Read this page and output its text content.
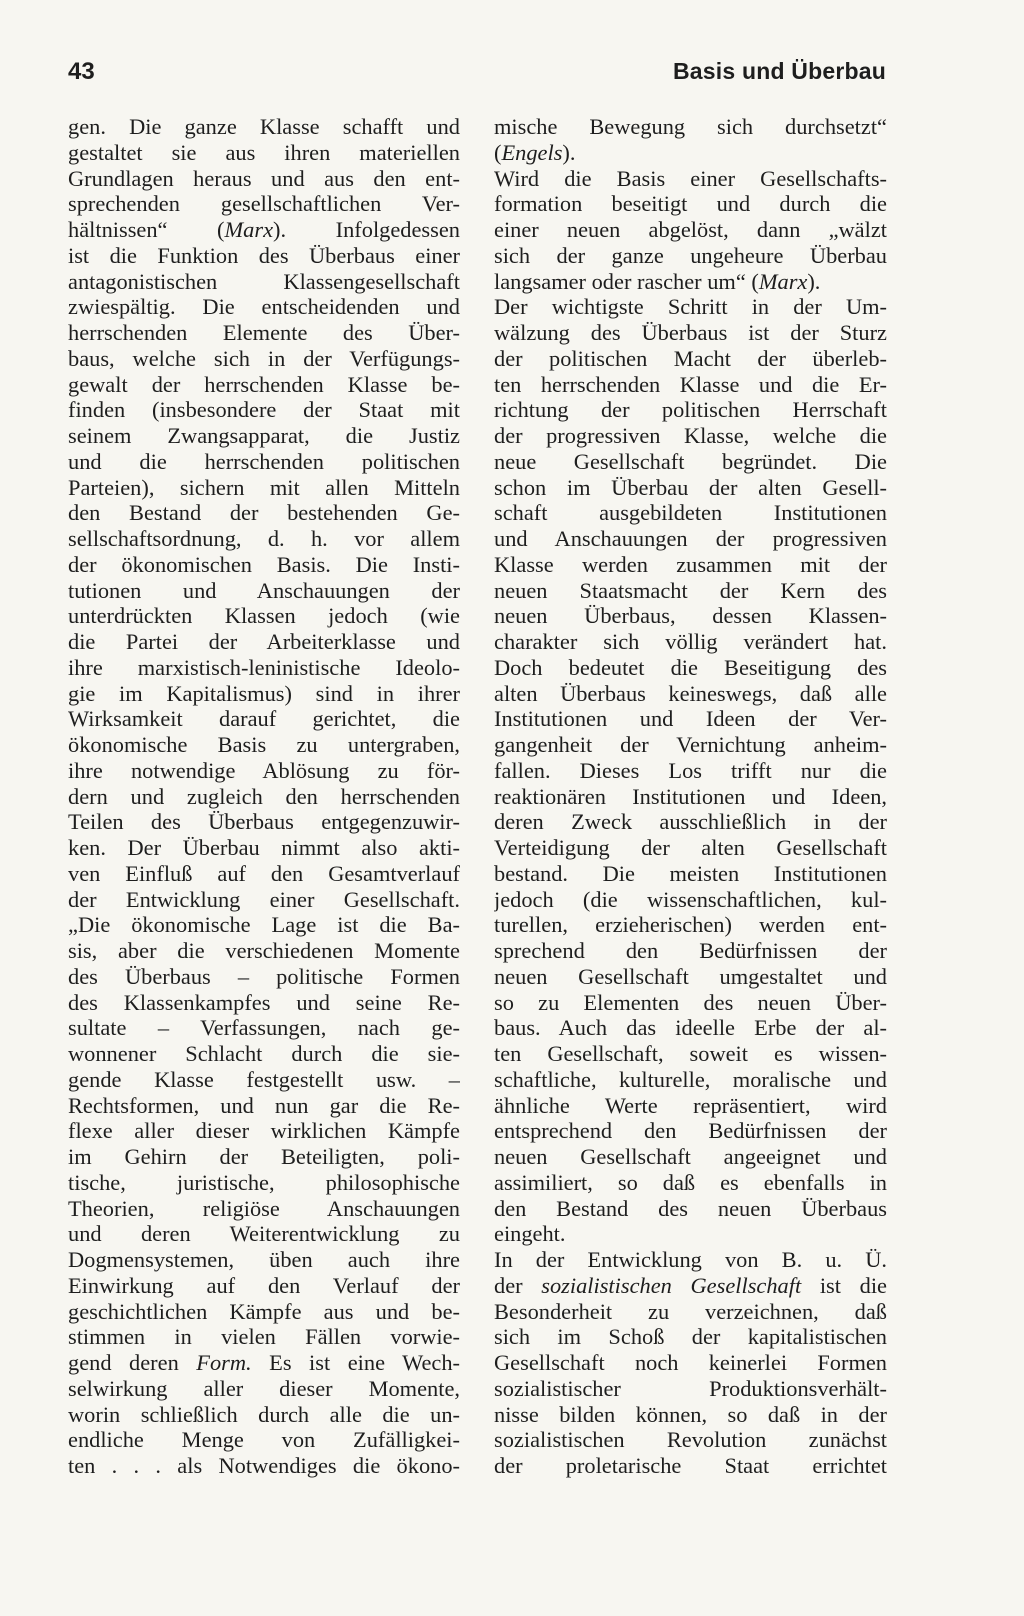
43	Basis und Überbau
gen. Die ganze Klasse schafft und
gestaltet sie aus ihren materiellen
Grundlagen heraus und aus den ent-
sprechenden gesellschaftlichen Ver-
hältnissen“ (Marx). Infolgedessen
ist die Funktion des Überbaus einer
antagonistischen Klassengesellschaft
zwiespältig. Die entscheidenden und
herrschenden Elemente des Über-
baus, welche sich in der Verfügungs-
gewalt der herrschenden Klasse be-
finden (insbesondere der Staat mit
seinem Zwangsapparat, die Justiz
und die herrschenden politischen
Parteien), sichern mit allen Mitteln
den Bestand der bestehenden Ge-
sellschaftsordnung, d. h. vor allem
der ökonomischen Basis. Die Insti-
tutionen und Anschauungen der
unterdrückten Klassen jedoch (wie
die Partei der Arbeiterklasse und
ihre marxistisch-leninistische Ideolo-
gie im Kapitalismus) sind in ihrer
Wirksamkeit darauf gerichtet, die
ökonomische Basis zu untergraben,
ihre notwendige Ablösung zu för-
dern und zugleich den herrschenden
Teilen des Überbaus entgegenzuwir-
ken. Der Überbau nimmt also akti-
ven Einfluß auf den Gesamtverlauf
der Entwicklung einer Gesellschaft.
„Die ökonomische Lage ist die Ba-
sis, aber die verschiedenen Momente
des Überbaus – politische Formen
des Klassenkampfes und seine Re-
sultate – Verfassungen, nach ge-
wonnener Schlacht durch die sie-
gende Klasse festgestellt usw. –
Rechtsformen, und nun gar die Re-
flexe aller dieser wirklichen Kämpfe
im Gehirn der Beteiligten, poli-
tische, juristische, philosophische
Theorien, religiöse Anschauungen
und deren Weiterentwicklung zu
Dogmensystemen, üben auch ihre
Einwirkung auf den Verlauf der
geschichtlichen Kämpfe aus und be-
stimmen in vielen Fällen vorwie-
gend deren Form. Es ist eine Wech-
selwirkung aller dieser Momente,
worin schließlich durch alle die un-
endliche Menge von Zufälligkei-
ten . . . als Notwendiges die ökono-
mische Bewegung sich durchsetzt“
(Engels).
Wird die Basis einer Gesellschafts-
formation beseitigt und durch die
einer neuen abgelöst, dann „wälzt
sich der ganze ungeheure Überbau
langsamer oder rascher um“ (Marx).
Der wichtigste Schritt in der Um-
wälzung des Überbaus ist der Sturz
der politischen Macht der überleb-
ten herrschenden Klasse und die Er-
richtung der politischen Herrschaft
der progressiven Klasse, welche die
neue Gesellschaft begründet. Die
schon im Überbau der alten Gesell-
schaft ausgebildeten Institutionen
und Anschauungen der progressiven
Klasse werden zusammen mit der
neuen Staatsmacht der Kern des
neuen Überbaus, dessen Klassen-
charakter sich völlig verändert hat.
Doch bedeutet die Beseitigung des
alten Überbaus keineswegs, daß alle
Institutionen und Ideen der Ver-
gangenheit der Vernichtung anheim-
fallen. Dieses Los trifft nur die
reaktionären Institutionen und Ideen,
deren Zweck ausschließlich in der
Verteidigung der alten Gesellschaft
bestand. Die meisten Institutionen
jedoch (die wissenschaftlichen, kul-
turellen, erzieherischen) werden ent-
sprechend den Bedürfnissen der
neuen Gesellschaft umgestaltet und
so zu Elementen des neuen Über-
baus. Auch das ideelle Erbe der al-
ten Gesellschaft, soweit es wissen-
schaftliche, kulturelle, moralische und
ähnliche Werte repräsentiert, wird
entsprechend den Bedürfnissen der
neuen Gesellschaft angeeignet und
assimiliert, so daß es ebenfalls in
den Bestand des neuen Überbaus
eingeht.
In der Entwicklung von B. u. Ü.
der sozialistischen Gesellschaft ist die
Besonderheit zu verzeichnen, daß
sich im Schoß der kapitalistischen
Gesellschaft noch keinerlei Formen
sozialistischer Produktionsverhält-
nisse bilden können, so daß in der
sozialistischen Revolution zunächst
der proletarische Staat errichtet
